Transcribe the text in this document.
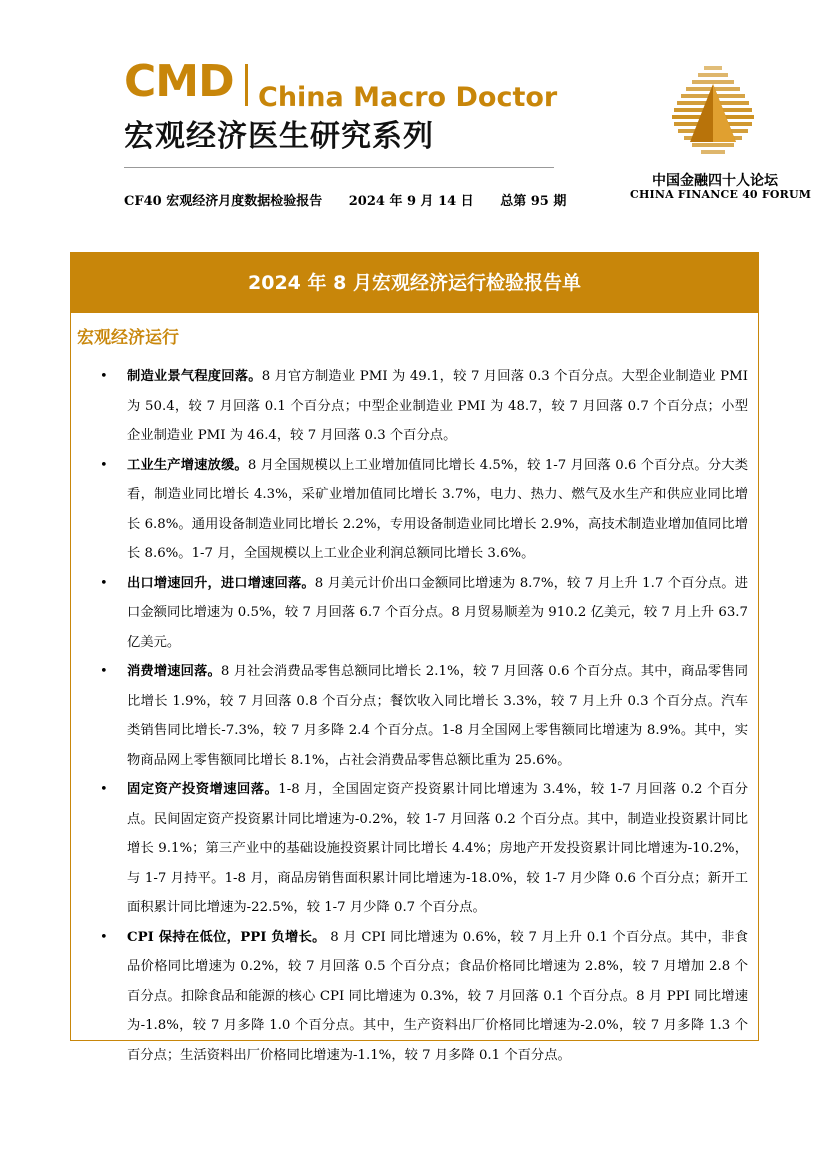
CMD China Macro Doctor
宏观经济医生研究系列
CF40 宏观经济月度数据检验报告 2024 年 9 月 14 日 总第 95 期
中国金融四十人论坛
CHINA FINANCE 40 FORUM
2024 年 8 月宏观经济运行检验报告单
宏观经济运行
• 制造业景气程度回落。8 月官方制造业 PMI 为 49.1，较 7 月回落 0.3 个百分点。大型企业制造业 PMI 为 50.4，较 7 月回落 0.1 个百分点；中型企业制造业 PMI 为 48.7，较 7 月回落 0.7 个百分点；小型企业制造业 PMI 为 46.4，较 7 月回落 0.3 个百分点。
• 工业生产增速放缓。8 月全国规模以上工业增加值同比增长 4.5%，较 1-7 月回落 0.6 个百分点。分大类看，制造业同比增长 4.3%，采矿业增加值同比增长 3.7%，电力、热力、燃气及水生产和供应业同比增长 6.8%。通用设备制造业同比增长 2.2%，专用设备制造业同比增长 2.9%，高技术制造业增加值同比增长 8.6%。1-7 月，全国规模以上工业企业利润总额同比增长 3.6%。
• 出口增速回升，进口增速回落。8 月美元计价出口金额同比增速为 8.7%，较 7 月上升 1.7 个百分点。进口金额同比增速为 0.5%，较 7 月回落 6.7 个百分点。8 月贸易顺差为 910.2 亿美元，较 7 月上升 63.7 亿美元。
• 消费增速回落。8 月社会消费品零售总额同比增长 2.1%，较 7 月回落 0.6 个百分点。其中，商品零售同比增长 1.9%，较 7 月回落 0.8 个百分点；餐饮收入同比增长 3.3%，较 7 月上升 0.3 个百分点。汽车类销售同比增长-7.3%，较 7 月多降 2.4 个百分点。1-8 月全国网上零售额同比增速为 8.9%。其中，实物商品网上零售额同比增长 8.1%，占社会消费品零售总额比重为 25.6%。
• 固定资产投资增速回落。1-8 月，全国固定资产投资累计同比增速为 3.4%，较 1-7 月回落 0.2 个百分点。民间固定资产投资累计同比增速为-0.2%，较 1-7 月回落 0.2 个百分点。其中，制造业投资累计同比增长 9.1%；第三产业中的基础设施投资累计同比增长 4.4%；房地产开发投资累计同比增速为-10.2%，与 1-7 月持平。1-8 月，商品房销售面积累计同比增速为-18.0%，较 1-7 月少降 0.6 个百分点；新开工面积累计同比增速为-22.5%，较 1-7 月少降 0.7 个百分点。
• CPI 保持在低位，PPI 负增长。 8 月 CPI 同比增速为 0.6%，较 7 月上升 0.1 个百分点。其中，非食品价格同比增速为 0.2%，较 7 月回落 0.5 个百分点；食品价格同比增速为 2.8%，较 7 月增加 2.8 个百分点。扣除食品和能源的核心 CPI 同比增速为 0.3%，较 7 月回落 0.1 个百分点。8 月 PPI 同比增速为-1.8%，较 7 月多降 1.0 个百分点。其中，生产资料出厂价格同比增速为-2.0%，较 7 月多降 1.3 个百分点；生活资料出厂价格同比增速为-1.1%，较 7 月多降 0.1 个百分点。
